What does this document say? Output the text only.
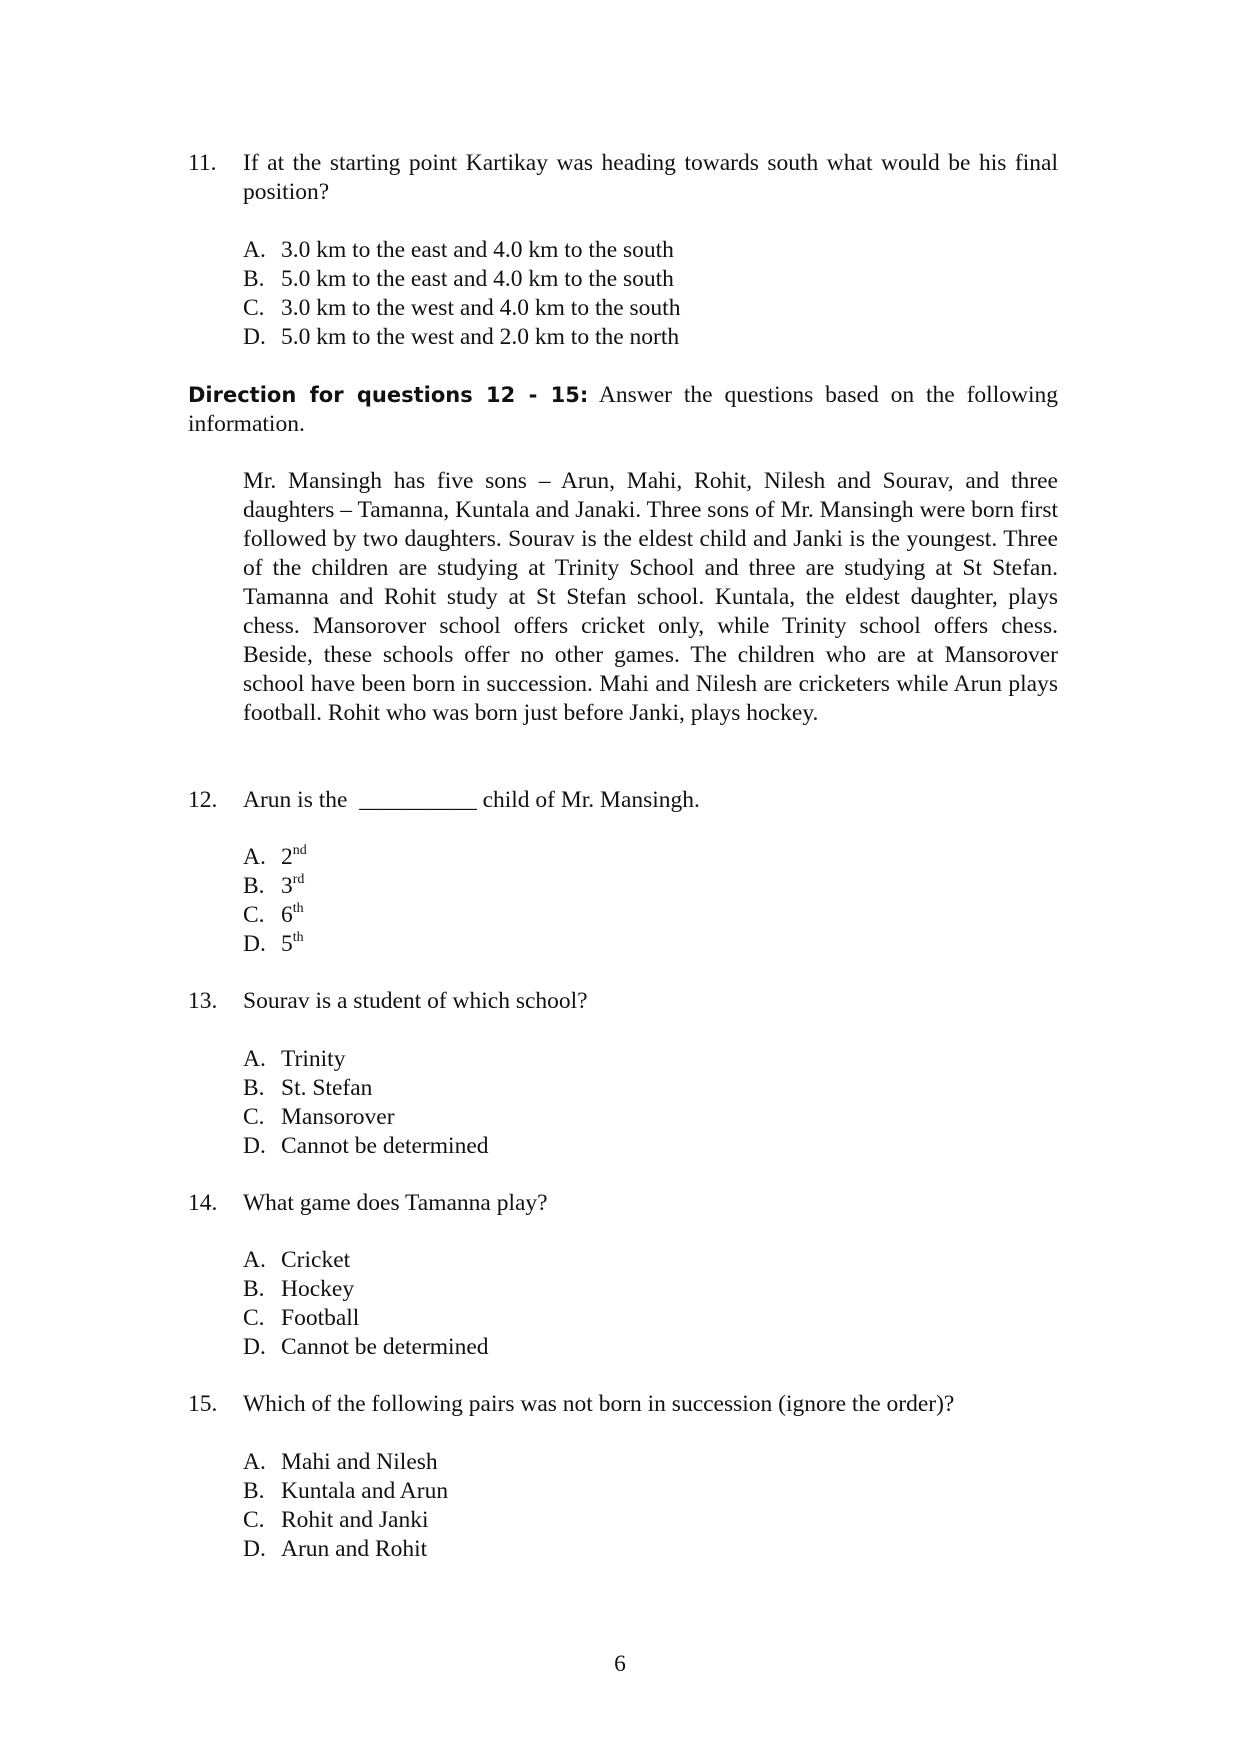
11. If at the starting point Kartikay was heading towards south what would be his final position?
A. 3.0 km to the east and 4.0 km to the south
B. 5.0 km to the east and 4.0 km to the south
C. 3.0 km to the west and 4.0 km to the south
D. 5.0 km to the west and 2.0 km to the north
Direction for questions 12 - 15: Answer the questions based on the following information.
Mr. Mansingh has five sons – Arun, Mahi, Rohit, Nilesh and Sourav, and three daughters – Tamanna, Kuntala and Janaki. Three sons of Mr. Mansingh were born first followed by two daughters. Sourav is the eldest child and Janki is the youngest. Three of the children are studying at Trinity School and three are studying at St Stefan. Tamanna and Rohit study at St Stefan school. Kuntala, the eldest daughter, plays chess. Mansorover school offers cricket only, while Trinity school offers chess. Beside, these schools offer no other games. The children who are at Mansorover school have been born in succession. Mahi and Nilesh are cricketers while Arun plays football. Rohit who was born just before Janki, plays hockey.
12. Arun is the __________ child of Mr. Mansingh.
A. 2nd
B. 3rd
C. 6th
D. 5th
13. Sourav is a student of which school?
A. Trinity
B. St. Stefan
C. Mansorover
D. Cannot be determined
14. What game does Tamanna play?
A. Cricket
B. Hockey
C. Football
D. Cannot be determined
15. Which of the following pairs was not born in succession (ignore the order)?
A. Mahi and Nilesh
B. Kuntala and Arun
C. Rohit and Janki
D. Arun and Rohit
6
